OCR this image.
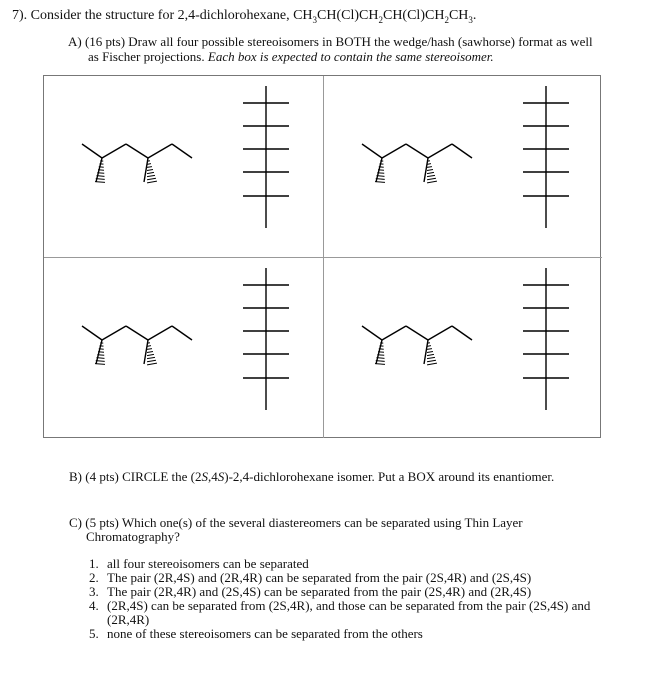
7). Consider the structure for 2,4-dichlorohexane, $CH_3CH(Cl)CH_2CH(Cl)CH_2CH_3$.
A) (16 pts) Draw all four possible stereoisomers in BOTH the wedge/hash (sawhorse) format as well
as Fischer projections. Each box is expected to contain the same stereoisomer.
B) (4 pts) CIRCLE the (2S,4S)-2,4-dichlorohexane isomer. Put a BOX around its enantiomer.
C) (5 pts) Which one(s) of the several diastereomers can be separated using Thin Layer
Chromatography?
1. all four stereoisomers can be separated
2. The pair (2R,4S) and (2R,4R) can be separated from the pair (2S,4R) and (2S,4S)
3. The pair (2R,4R) and (2S,4S) can be separated from the pair (2S,4R) and (2R,4S)
4. (2R,4S) can be separated from (2S,4R), and those can be separated from the pair (2S,4S) and (2R,4R)
5. none of these stereoisomers can be separated from the others
